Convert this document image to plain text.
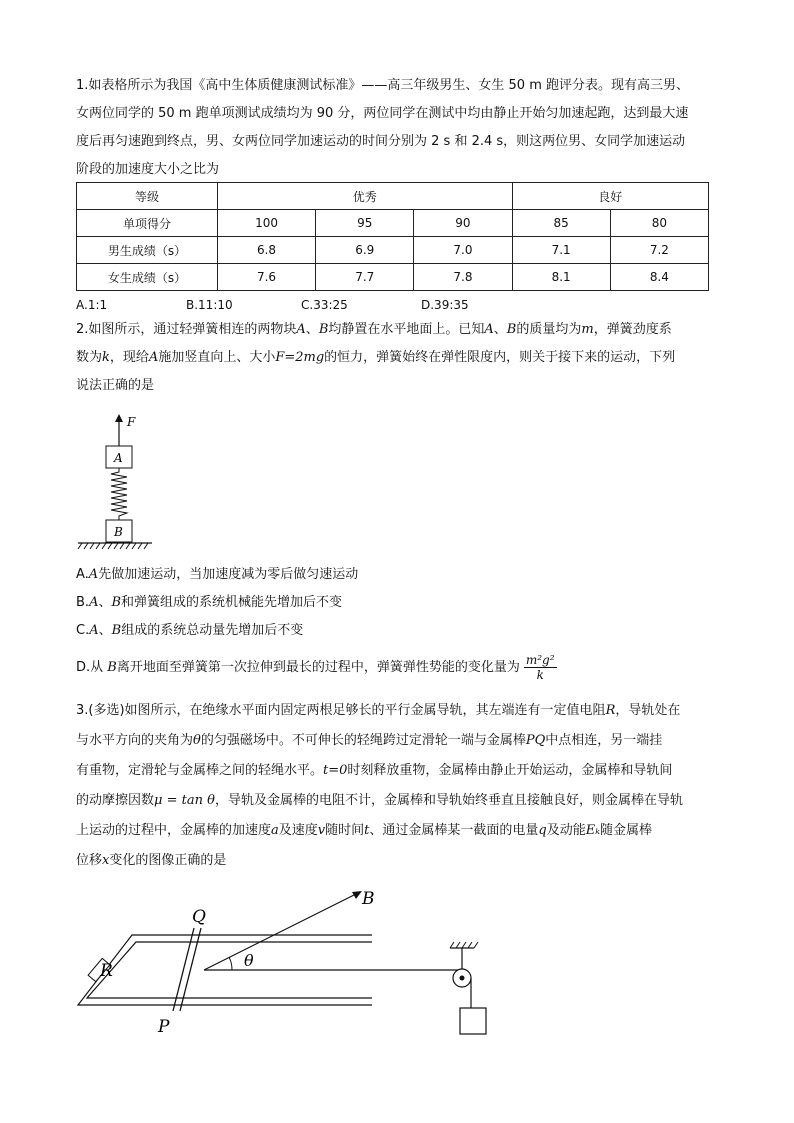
1.如表格所示为我国《高中生体质健康测试标准》——高三年级男生、女生 50 m 跑评分表。现有高三男、
女两位同学的 50 m 跑单项测试成绩均为 90 分，两位同学在测试中均由静止开始匀加速起跑，达到最大速
度后再匀速跑到终点，男、女两位同学加速运动的时间分别为 2 s 和 2.4 s，则这两位男、女同学加速运动
阶段的加速度大小之比为
等级	优秀			良好	
单项得分	100	95	90	85	80
男生成绩（s）	6.8	6.9	7.0	7.1	7.2
女生成绩（s）	7.6	7.7	7.8	8.1	8.4
A.1:1	B.11:10	C.33:25	D.39:35
2.如图所示，通过轻弹簧相连的两物块A、B均静置在水平地面上。已知A、B的质量均为m，弹簧劲度系
数为k，现给A施加竖直向上、大小F=2mg的恒力，弹簧始终在弹性限度内，则关于接下来的运动，下列
说法正确的是
F
A
B
A.A先做加速运动，当加速度减为零后做匀速运动
B.A、B和弹簧组成的系统机械能先增加后不变
C.A、B组成的系统总动量先增加后不变
D.从 B离开地面至弹簧第一次拉伸到最长的过程中，弹簧弹性势能的变化量为 $\frac{\text{m²g²}}{k}$
3.(多选)如图所示，在绝缘水平面内固定两根足够长的平行金属导轨，其左端连有一定值电阻R，导轨处在
与水平方向的夹角为θ的匀强磁场中。不可伸长的轻绳跨过定滑轮一端与金属棒PQ中点相连，另一端挂
有重物，定滑轮与金属棒之间的轻绳水平。t=0时刻释放重物，金属棒由静止开始运动，金属棒和导轨间
的动摩擦因数μ = tan θ，导轨及金属棒的电阻不计，金属棒和导轨始终垂直且接触良好，则金属棒在导轨
上运动的过程中，金属棒的加速度a及速度v随时间t、通过金属棒某一截面的电量q及动能Eₖ随金属棒
位移x变化的图像正确的是
R
Q
P
B
θ
